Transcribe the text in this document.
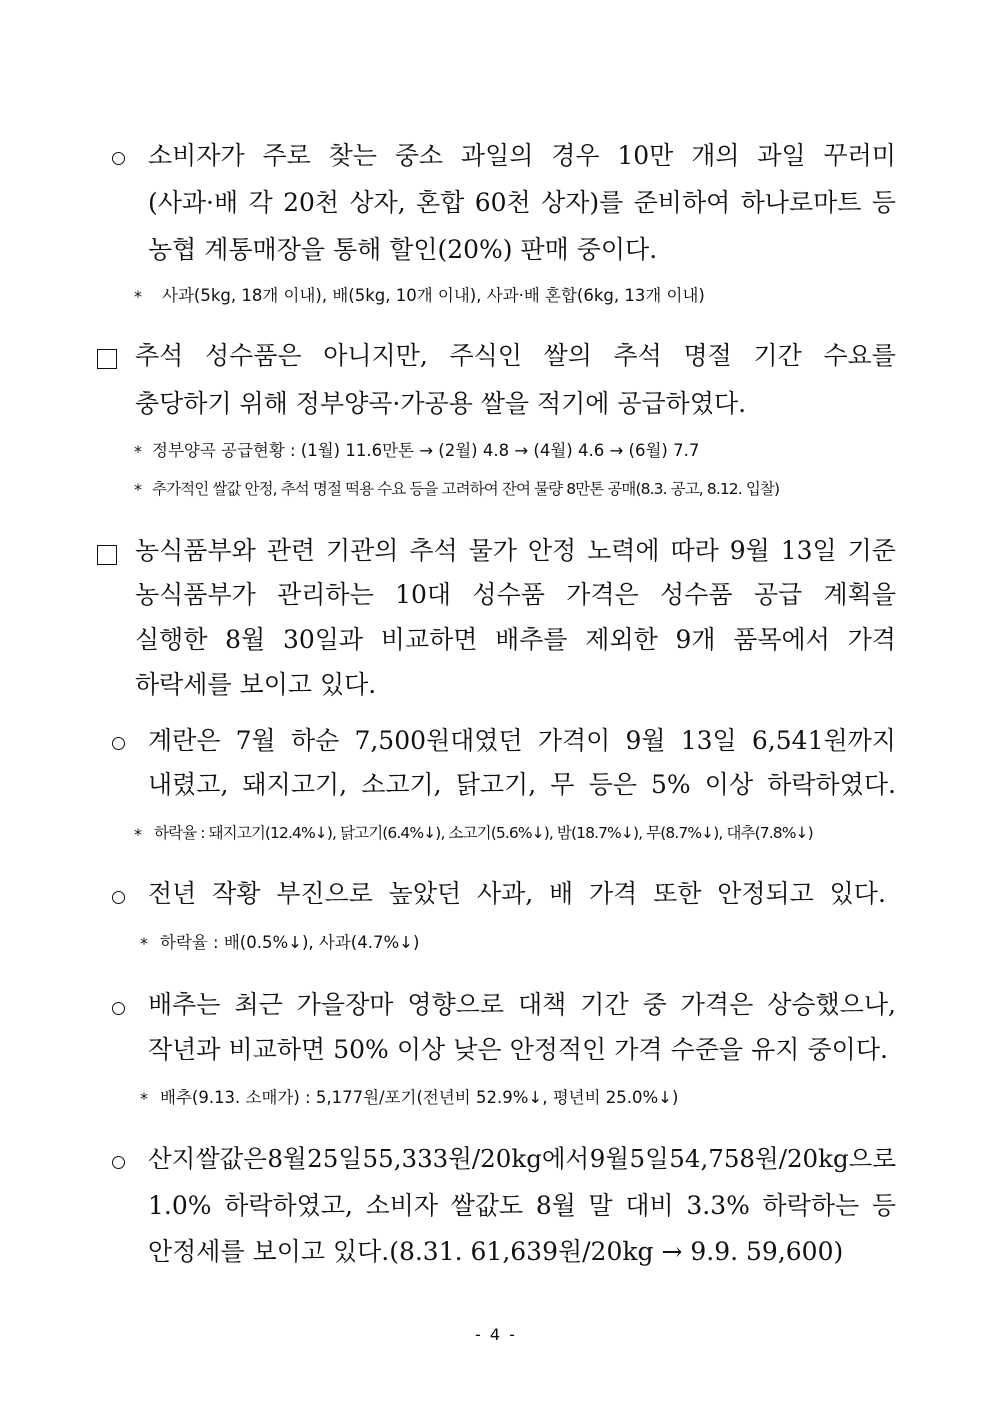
소비자가 주로 찾는 중소 과일의 경우 10만 개의 과일 꾸러미
(사과·배 각 20천 상자, 혼합 60천 상자)를 준비하여 하나로마트 등
농협 계통매장을 통해 할인(20%) 판매 중이다.
* 사과(5kg, 18개 이내), 배(5kg, 10개 이내), 사과·배 혼합(6kg, 13개 이내)
추석 성수품은 아니지만, 주식인 쌀의 추석 명절 기간 수요를
충당하기 위해 정부양곡·가공용 쌀을 적기에 공급하였다.
* 정부양곡 공급현황 : (1월) 11.6만톤 → (2월) 4.8 → (4월) 4.6 → (6월) 7.7
* 추가적인 쌀값 안정, 추석 명절 떡용 수요 등을 고려하여 잔여 물량 8만톤 공매(8.3. 공고, 8.12. 입찰)
농식품부와 관련 기관의 추석 물가 안정 노력에 따라 9월 13일 기준
농식품부가 관리하는 10대 성수품 가격은 성수품 공급 계획을
실행한 8월 30일과 비교하면 배추를 제외한 9개 품목에서 가격
하락세를 보이고 있다.
계란은 7월 하순 7,500원대였던 가격이 9월 13일 6,541원까지
내렸고, 돼지고기, 소고기, 닭고기, 무 등은 5% 이상 하락하였다.
* 하락율 : 돼지고기(12.4%↓), 닭고기(6.4%↓), 소고기(5.6%↓), 밤(18.7%↓), 무(8.7%↓), 대추(7.8%↓)
전년 작황 부진으로 높았던 사과, 배 가격 또한 안정되고 있다.
* 하락율 : 배(0.5%↓), 사과(4.7%↓)
배추는 최근 가을장마 영향으로 대책 기간 중 가격은 상승했으나,
작년과 비교하면 50% 이상 낮은 안정적인 가격 수준을 유지 중이다.
* 배추(9.13. 소매가) : 5,177원/포기(전년비 52.9%↓, 평년비 25.0%↓)
산지 쌀값은 8월 25일 55,333원/20kg에서 9월 5일 54,758원/20kg으로
1.0% 하락하였고, 소비자 쌀값도 8월 말 대비 3.3% 하락하는 등
안정세를 보이고 있다.(8.31. 61,639원/20kg → 9.9. 59,600)
- 4 -
